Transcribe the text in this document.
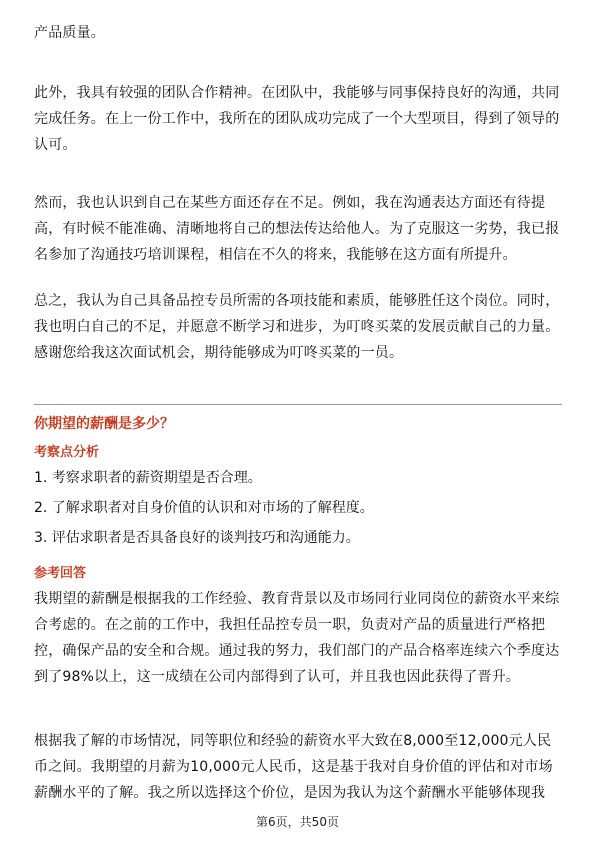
产品质量。

此外，我具有较强的团队合作精神。在团队中，我能够与同事保持良好的沟通，共同完成任务。在上一份工作中，我所在的团队成功完成了一个大型项目，得到了领导的认可。

然而，我也认识到自己在某些方面还存在不足。例如，我在沟通表达方面还有待提高，有时候不能准确、清晰地将自己的想法传达给他人。为了克服这一劣势，我已报名参加了沟通技巧培训课程，相信在不久的将来，我能够在这方面有所提升。

总之，我认为自己具备品控专员所需的各项技能和素质，能够胜任这个岗位。同时，我也明白自己的不足，并愿意不断学习和进步，为叮咚买菜的发展贡献自己的力量。感谢您给我这次面试机会，期待能够成为叮咚买菜的一员。

你期望的薪酬是多少？

考察点分析

1. 考察求职者的薪资期望是否合理。

2. 了解求职者对自身价值的认识和对市场的了解程度。

3. 评估求职者是否具备良好的谈判技巧和沟通能力。

参考回答

我期望的薪酬是根据我的工作经验、教育背景以及市场同行业同岗位的薪资水平来综合考虑的。在之前的工作中，我担任品控专员一职，负责对产品的质量进行严格把控，确保产品的安全和合规。通过我的努力，我们部门的产品合格率连续六个季度达到了98%以上，这一成绩在公司内部得到了认可，并且我也因此获得了晋升。

根据我了解的市场情况，同等职位和经验的薪资水平大致在8,000至12,000元人民币之间。我期望的月薪为10,000元人民币，这是基于我对自身价值的评估和对市场薪酬水平的了解。我之所以选择这个价位，是因为我认为这个薪酬水平能够体现我

第6页，共50页
